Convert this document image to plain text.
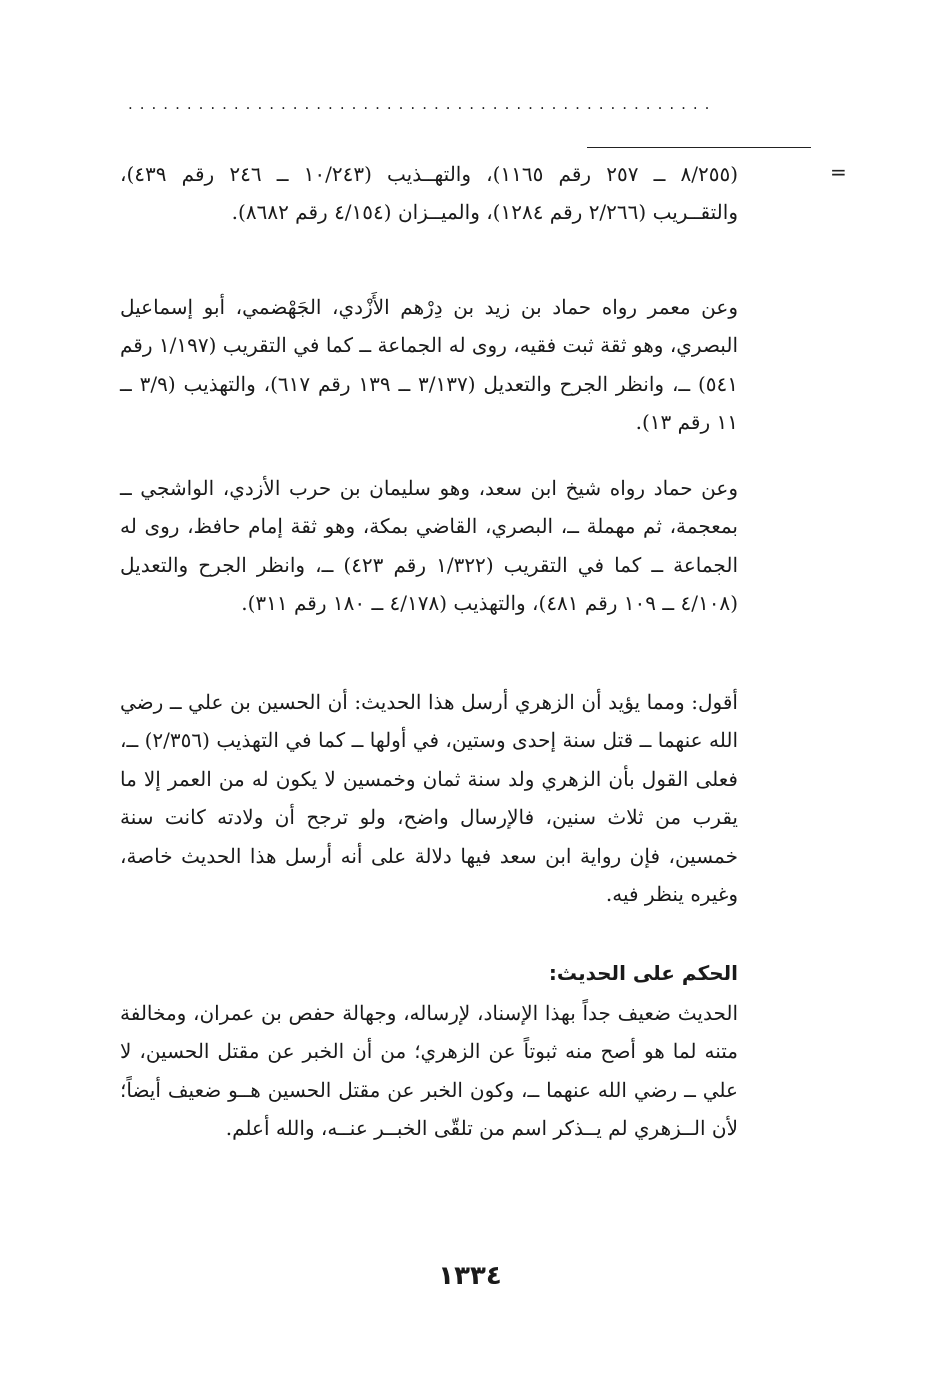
..................................................
=

(٨/٢٥٥ ــ ٢٥٧ رقم ١١٦٥)، والتهــذيب (١٠/٢٤٣ ــ ٢٤٦ رقم ٤٣٩)، والتقــريب (٢/٢٦٦ رقم ١٢٨٤)، والميــزان (٤/١٥٤ رقم ٨٦٨٢).

وعن معمر رواه حماد بن زيد بن دِرْهم الأَزْدي، الجَهْضمي، أبو إسماعيل البصري، وهو ثقة ثبت فقيه، روى له الجماعة ــ كما في التقريب (١/١٩٧ رقم ٥٤١) ــ، وانظر الجرح والتعديل (٣/١٣٧ ــ ١٣٩ رقم ٦١٧)، والتهذيب (٣/٩ ــ ١١ رقم ١٣).

وعن حماد رواه شيخ ابن سعد، وهو سليمان بن حرب الأزدي، الواشجي ــ بمعجمة، ثم مهملة ــ، البصري، القاضي بمكة، وهو ثقة إمام حافظ، روى له الجماعة ــ كما في التقريب (١/٣٢٢ رقم ٤٢٣) ــ، وانظر الجرح والتعديل (٤/١٠٨ ــ ١٠٩ رقم ٤٨١)، والتهذيب (٤/١٧٨ ــ ١٨٠ رقم ٣١١).

أقول: ومما يؤيد أن الزهري أرسل هذا الحديث: أن الحسين بن علي ــ رضي الله عنهما ــ قتل سنة إحدى وستين، في أولها ــ كما في التهذيب (٢/٣٥٦) ــ، فعلى القول بأن الزهري ولد سنة ثمان وخمسين لا يكون له من العمر إلا ما يقرب من ثلاث سنين، فالإرسال واضح، ولو ترجح أن ولادته كانت سنة خمسين، فإن رواية ابن سعد فيها دلالة على أنه أرسل هذا الحديث خاصة، وغيره ينظر فيه.

الحكم على الحديث:

الحديث ضعيف جداً بهذا الإسناد، لإرساله، وجهالة حفص بن عمران، ومخالفة متنه لما هو أصح منه ثبوتاً عن الزهري؛ من أن الخبر عن مقتل الحسين، لا علي ــ رضي الله عنهما ــ، وكون الخبر عن مقتل الحسين هــو ضعيف أيضاً؛ لأن الــزهري لم يــذكر اسم من تلقّى الخبــر عنــه، والله أعلم.

١٣٣٤
